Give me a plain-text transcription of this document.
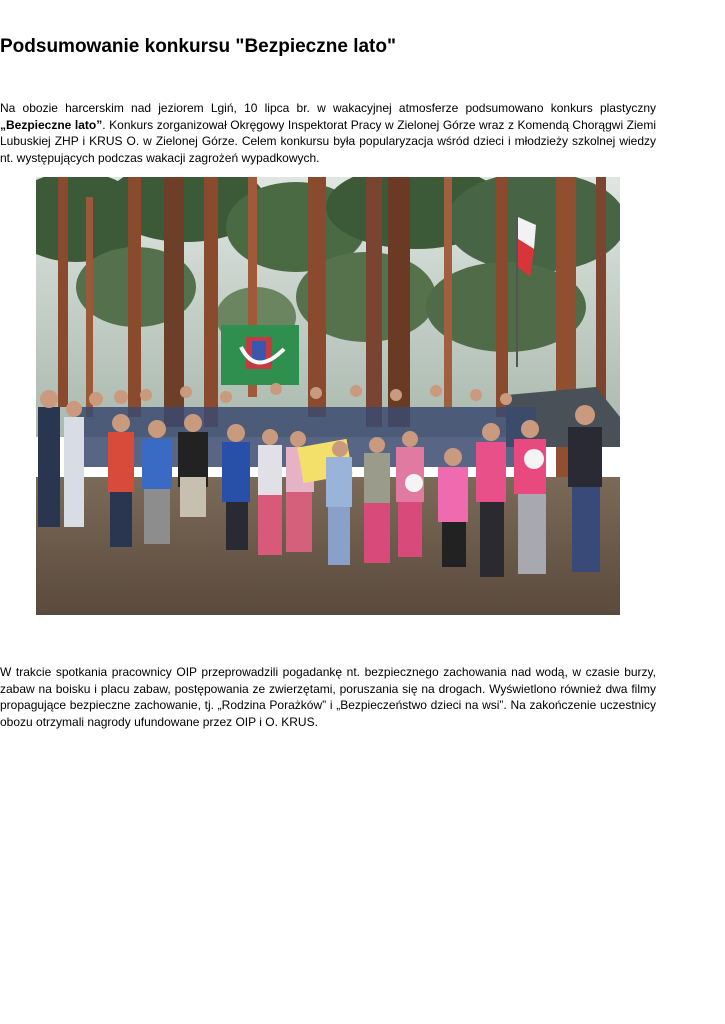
Podsumowanie konkursu "Bezpieczne lato"

Na obozie harcerskim nad jeziorem Lgiń, 10 lipca br. w wakacyjnej atmosferze podsumowano konkurs plastyczny „Bezpieczne lato”. Konkurs zorganizował Okręgowy Inspektorat Pracy w Zielonej Górze wraz z Komendą Chorągwi Ziemi Lubuskiej ZHP i KRUS O. w Zielonej Górze. Celem konkursu była popularyzacja wśród dzieci i młodzieży szkolnej wiedzy nt. występujących podczas wakacji zagrożeń wypadkowych.

W trakcie spotkania pracownicy OIP przeprowadzili pogadankę nt. bezpiecznego zachowania nad wodą, w czasie burzy, zabaw na boisku i placu zabaw, postępowania ze zwierzętami, poruszania się na drogach. Wyświetlono również dwa filmy propagujące bezpieczne zachowanie, tj. „Rodzina Porażków” i „Bezpieczeństwo dzieci na wsi”. Na zakończenie uczestnicy obozu otrzymali nagrody ufundowane przez OIP i O. KRUS.
